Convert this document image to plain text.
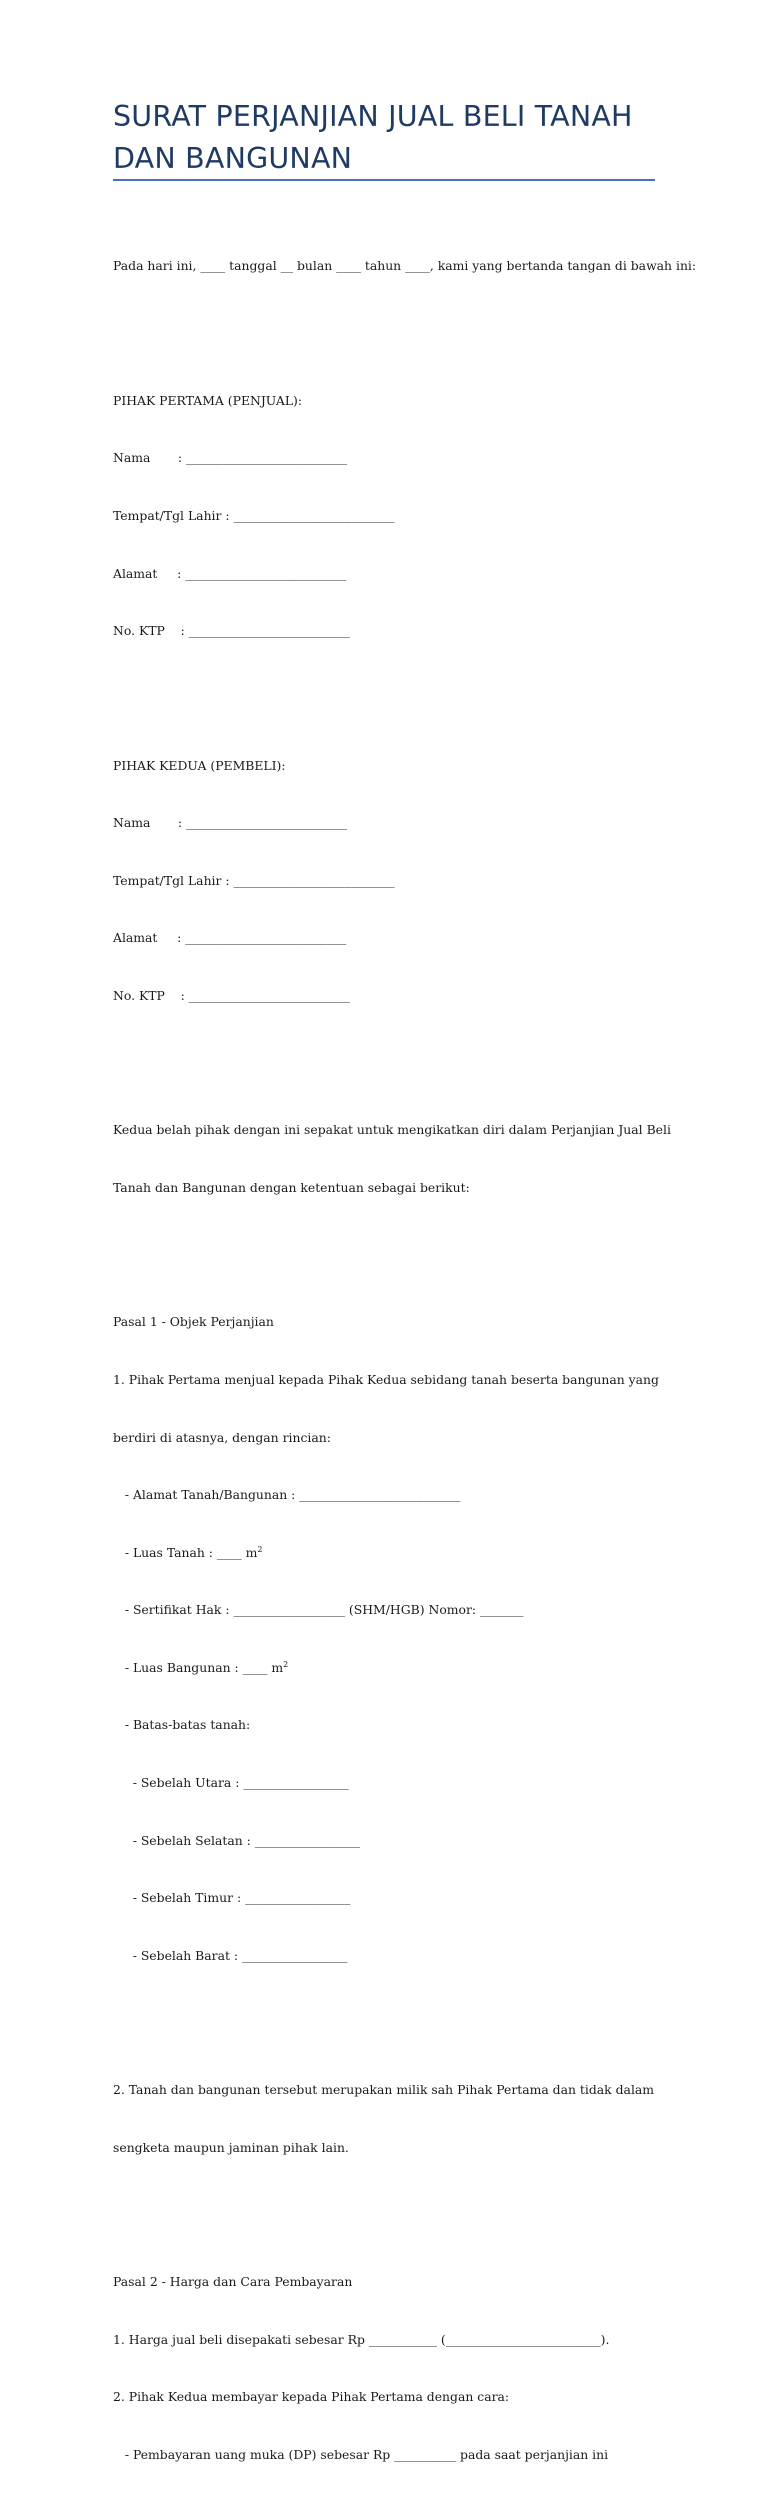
SURAT PERJANJIAN JUAL BELI TANAH
DAN BANGUNAN

Pada hari ini, ____ tanggal __ bulan ____ tahun ____, kami yang bertanda tangan di bawah ini:

PIHAK PERTAMA (PENJUAL):

Nama       : __________________________

Tempat/Tgl Lahir : __________________________

Alamat     : __________________________

No. KTP    : __________________________

PIHAK KEDUA (PEMBELI):

Nama       : __________________________

Tempat/Tgl Lahir : __________________________

Alamat     : __________________________

No. KTP    : __________________________

Kedua belah pihak dengan ini sepakat untuk mengikatkan diri dalam Perjanjian Jual Beli

Tanah dan Bangunan dengan ketentuan sebagai berikut:

Pasal 1 - Objek Perjanjian

1. Pihak Pertama menjual kepada Pihak Kedua sebidang tanah beserta bangunan yang

berdiri di atasnya, dengan rincian:

- Alamat Tanah/Bangunan : __________________________

- Luas Tanah : ____ $m^2$

- Sertifikat Hak : __________________ (SHM/HGB) Nomor: _______

- Luas Bangunan : ____ $m^2$

- Batas-batas tanah:

- Sebelah Utara : _________________

- Sebelah Selatan : _________________

- Sebelah Timur : _________________

- Sebelah Barat : _________________

2. Tanah dan bangunan tersebut merupakan milik sah Pihak Pertama dan tidak dalam

sengketa maupun jaminan pihak lain.

Pasal 2 - Harga dan Cara Pembayaran

1. Harga jual beli disepakati sebesar Rp ___________ (_________________________).

2. Pihak Kedua membayar kepada Pihak Pertama dengan cara:

- Pembayaran uang muka (DP) sebesar Rp __________ pada saat perjanjian ini
